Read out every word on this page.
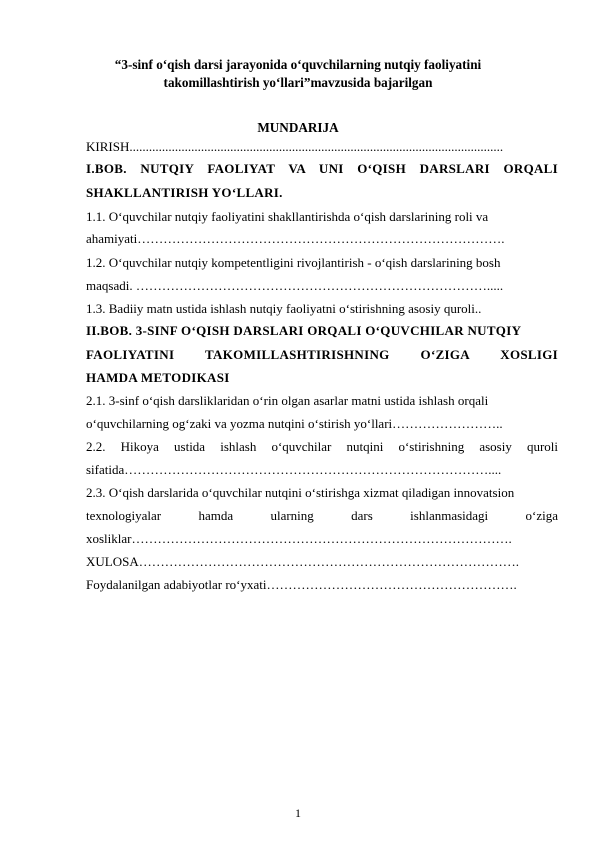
“3-sinf o‘qish darsi jarayonida o‘quvchilarning nutqiy faoliyatini
takomillashtirish yo‘llari”mavzusida bajarilgan
MUNDARIJA
KIRISH...................................................................................................................
I.BOB. NUTQIY FAOLIYAT VA UNI O‘QISH DARSLARI ORQALI
SHAKLLANTIRISH YO‘LLARI.
1.1. O‘quvchilar nutqiy faoliyatini shakllantirishda o‘qish darslarining roli va
ahamiyati………………………………………………………………………….
1.2. O‘quvchilar nutqiy kompetentligini rivojlantirish - o‘qish darslarining bosh
maqsadi. ……………………………………………………………………….....
1.3. Badiiy matn ustida ishlash nutqiy faoliyatni o‘stirishning asosiy quroli..
II.BOB. 3-SINF O‘QISH DARSLARI ORQALI O‘QUVCHILAR NUTQIY
FAOLIYATINI TAKOMILLASHTIRISHNING O‘ZIGA XOSLIGI
HAMDA METODIKASI
2.1. 3-sinf o‘qish darsliklaridan o‘rin olgan asarlar matni ustida ishlash orqali
o‘quvchilarning og‘zaki va yozma nutqini o‘stirish yo‘llari……………………..
2.2. Hikoya ustida ishlash o‘quvchilar nutqini o‘stirishning asosiy quroli
sifatida…………………………………………………………………………....
2.3. O‘qish darslarida o‘quvchilar nutqini o‘stirishga xizmat qiladigan innovatsion
texnologiyalar hamda ularning dars ishlanmasidagi o‘ziga
xosliklar…………………………………………………………………………….
XULOSA…………………………………………………………………………….
Foydalanilgan adabiyotlar ro‘yxati………………………………………………….
1
